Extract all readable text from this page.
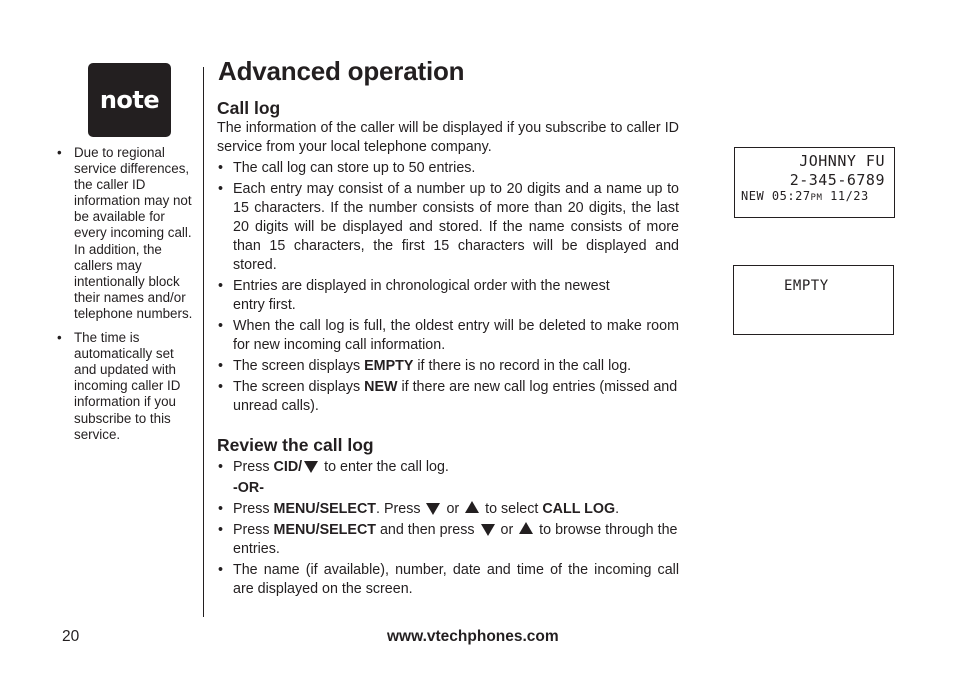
note
• Due to regional service differences, the caller ID information may not be available for every incoming call. In addition, the callers may intentionally block their names and/or telephone numbers.
• The time is automatically set and updated with incoming caller ID information if you subscribe to this service.
Advanced operation
Call log

The information of the caller will be displayed if you subscribe to caller ID service from your local telephone company.

• The call log can store up to 50 entries.
• Each entry may consist of a number up to 20 digits and a name up to 15 characters. If the number consists of more than 20 digits, the last 20 digits will be displayed and stored. If the name consists of more than 15 characters, the first 15 characters will be displayed and stored.
• Entries are displayed in chronological order with the newest entry first.
• When the call log is full, the oldest entry will be deleted to make room for new incoming call information.
• The screen displays EMPTY if there is no record in the call log.
• The screen displays NEW if there are new call log entries (missed and unread calls).
Review the call log
• Press CID/ to enter the call log.
-OR-
• Press MENU/SELECT. Press  or  to select CALL LOG.
• Press MENU/SELECT and then press  or  to browse through the entries.
• The name (if available), number, date and time of the incoming call are displayed on the screen.
JOHNNY FU
2-345-6789
NEW 05:27PM 11/23
EMPTY
20	www.vtechphones.com
